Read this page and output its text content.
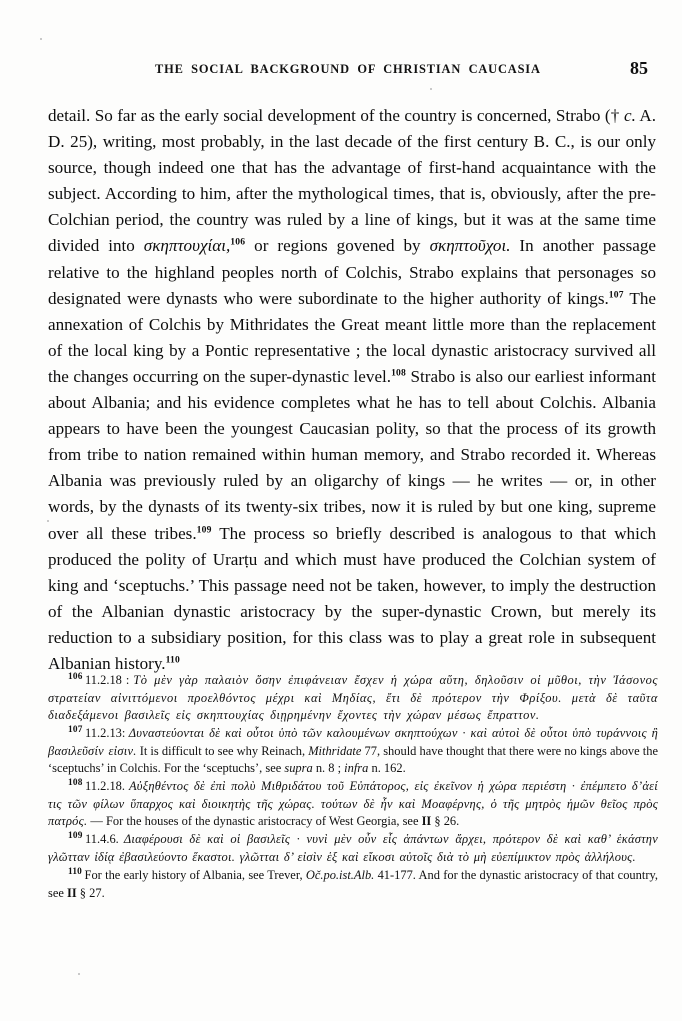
THE SOCIAL BACKGROUND OF CHRISTIAN CAUCASIA	85

detail. So far as the early social development of the country is concerned, Strabo († c. A. D. 25), writing, most probably, in the last decade of the first century B. C., is our only source, though indeed one that has the advantage of first-hand acquaintance with the subject. According to him, after the mythological times, that is, obviously, after the pre-Colchian period, the country was ruled by a line of kings, but it was at the same time divided into σκηπτουχίαι,$^{106}$ or regions govened by σκηπτοῦχοι. In another passage relative to the highland peoples north of Colchis, Strabo explains that personages so designated were dynasts who were subordinate to the higher authority of kings.$^{107}$ The annexation of Colchis by Mithridates the Great meant little more than the replacement of the local king by a Pontic representative ; the local dynastic aristocracy survived all the changes occurring on the super-dynastic level.$^{108}$ Strabo is also our earliest informant about Albania; and his evidence completes what he has to tell about Colchis. Albania appears to have been the youngest Caucasian polity, so that the process of its growth from tribe to nation remained within human memory, and Strabo recorded it. Whereas Albania was previously ruled by an oligarchy of kings — he writes — or, in other words, by the dynasts of its twenty-six tribes, now it is ruled by but one king, supreme over all these tribes.$^{109}$ The process so briefly described is analogous to that which produced the polity of Urarṭu and which must have produced the Colchian system of king and ‘sceptuchs.’ This passage need not be taken, however, to imply the destruction of the Albanian dynastic aristocracy by the super-dynastic Crown, but merely its reduction to a subsidiary position, for this class was to play a great role in subsequent Albanian history.$^{110}$

$^{106}$ 11.2.18 : Τὸ μὲν γὰρ παλαιὸν ὅσην ἐπιφάνειαν ἔσχεν ἡ χώρα αὕτη, δηλοῦσιν οἱ μῦθοι, τὴν Ἰάσονος στρατείαν αἰνιττόμενοι προελθόντος μέχρι καὶ Μηδίας, ἔτι δὲ πρότερον τὴν Φρίξου. μετὰ δὲ ταῦτα διαδεξάμενοι βασιλεῖς εἰς σκηπτουχίας διῃρημένην ἔχοντες τὴν χώραν μέσως ἔπραττον.

$^{107}$ 11.2.13: Δυναστεύονται δὲ καὶ οὗτοι ὑπὸ τῶν καλουμένων σκηπτούχων · καὶ αὐτοὶ δὲ οὗτοι ὑπὸ τυράννοις ἢ βασιλεῦσίν εἰσιν. It is difficult to see why Reinach, Mithridate 77, should have thought that there were no kings above the ‘sceptuchs’ in Colchis. For the ‘sceptuchs’, see supra n. 8 ; infra n. 162.

$^{108}$ 11.2.18. Αὐξηθέντος δὲ ἐπὶ πολὺ Μιθριδάτου τοῦ Εὐπάτορος, εἰς ἐκεῖνον ἡ χώρα περιέστη · ἐπέμπετο δ’ἀεί τις τῶν φίλων ὕπαρχος καὶ διοικητὴς τῆς χώρας. τούτων δὲ ἦν καὶ Μοαφέρνης, ὁ τῆς μητρὸς ἡμῶν θεῖος πρὸς πατρός. — For the houses of the dynastic aristocracy of West Georgia, see II § 26.

$^{109}$ 11.4.6. Διαφέρουσι δὲ καὶ οἱ βασιλεῖς · νυνὶ μὲν οὖν εἷς ἁπάντων ἄρχει, πρότερον δὲ καὶ καθ’ ἑκάστην γλῶτταν ἰδίᾳ ἐβασιλεύοντο ἕκαστοι. γλῶτται δ’ εἰσὶν ἑξ καὶ εἴκοσι αὐτοῖς διὰ τὸ μὴ εὐεπίμικτον πρὸς ἀλλήλους.

$^{110}$ For the early history of Albania, see Trever, Oč.po.ist.Alb. 41-177. And for the dynastic aristocracy of that country, see II § 27.
